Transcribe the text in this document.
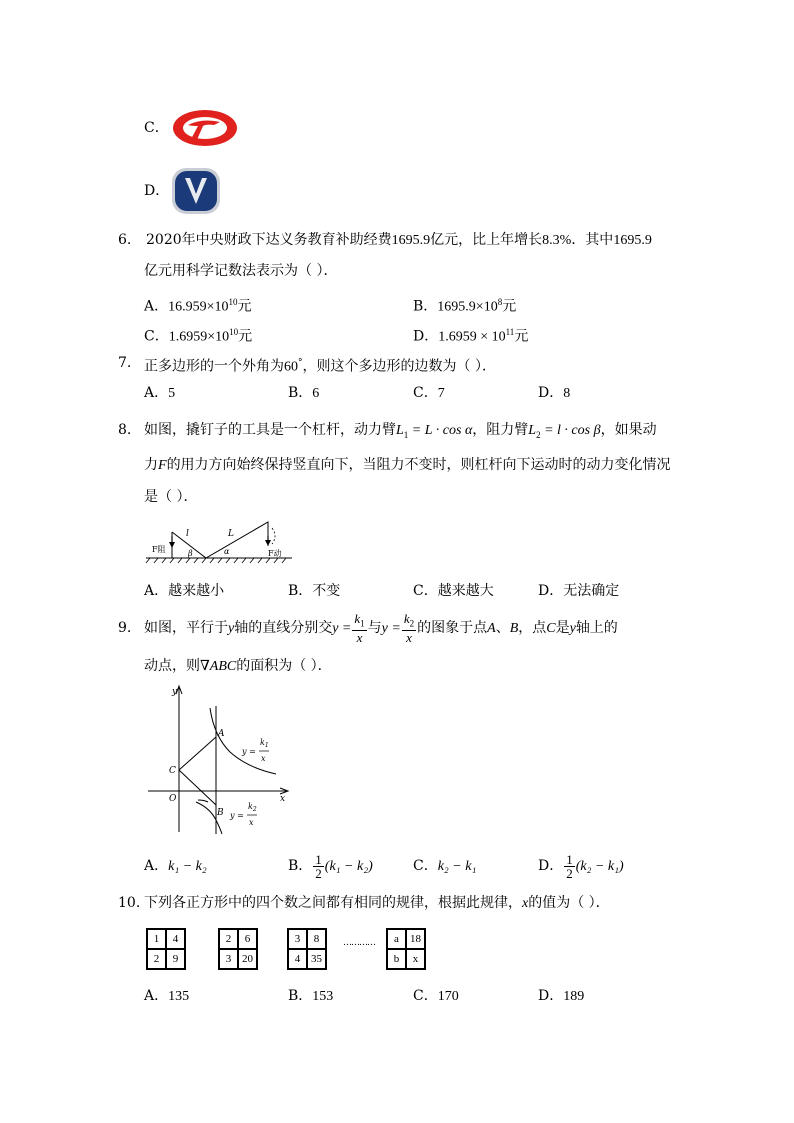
C．
D．
6. 2020年中央财政下达义务教育补助经费1695.9亿元，比上年增长8.3%．其中1695.9
亿元用科学记数法表示为（ ）．
A．$16.959\times 10^{10}$元	B．$1695.9\times 10^8$元
C．$1.6959\times 10^{10}$元	D．$1.6959 \times 10^{11}$元
7. 正多边形的一个外角为60°，则这个多边形的边数为（ ）．
A．5	B．6	C．7	D．8
8. 如图，撬钉子的工具是一个杠杆，动力臂$L_1 = L \cdot \cos \alpha$，阻力臂$L_2 = l \cdot \cos \beta$，如果动
力F的用力方向始终保持竖直向下，当阻力不变时，则杠杆向下运动时的动力变化情况
是（ ）．
F阻
l
β
L
α	F动
A．越来越小	B．不变	C．越来越大	D．无法确定
9. 如图，平行于y轴的直线分别交$y = \frac{k_1}{x}$ 与$y = \frac{k_2}{x}$ 的图象于点A、B，点C是y轴上的
动点，则∇ABC的面积为（ ）．
y
x
O
A
B
C
y =
$k_1$
x
y =
$k_2$
x
A．k₁ − k₂	B． $\frac{1}{2} (k_1 - k_2)$	C．k₂ − k₁	D． $\frac{1}{2} (k_2 - k_1)$
10. 下列各正方形中的四个数之间都有相同的规律，根据此规律，x的值为（ ）．
1	4
2	9
2	6
3 20
3	8
4 35
…………	a	18
b	x
A．135	B．153	C．170	D．189
